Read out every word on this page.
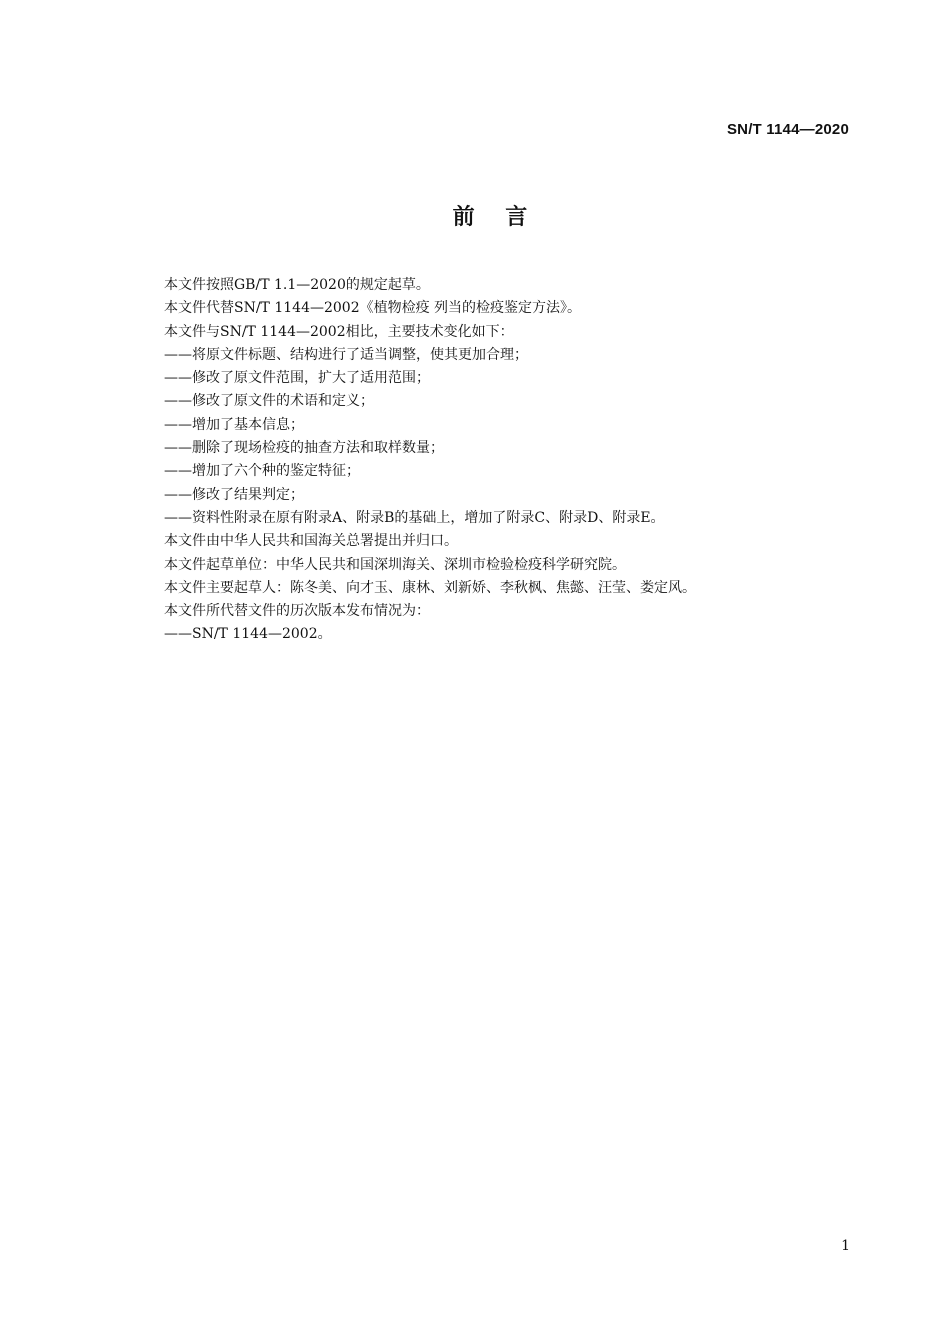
SN/T 1144—2020
前    言
本文件按照GB/T 1.1—2020的规定起草。
本文件代替SN/T 1144—2002《植物检疫 列当的检疫鉴定方法》。
本文件与SN/T 1144—2002相比，主要技术变化如下：
——将原文件标题、结构进行了适当调整，使其更加合理；
——修改了原文件范围，扩大了适用范围；
——修改了原文件的术语和定义；
——增加了基本信息；
——删除了现场检疫的抽查方法和取样数量；
——增加了六个种的鉴定特征；
——修改了结果判定；
——资料性附录在原有附录A、附录B的基础上，增加了附录C、附录D、附录E。
本文件由中华人民共和国海关总署提出并归口。
本文件起草单位：中华人民共和国深圳海关、深圳市检验检疫科学研究院。
本文件主要起草人：陈冬美、向才玉、康林、刘新娇、李秋枫、焦懿、汪莹、娄定风。
本文件所代替文件的历次版本发布情况为：
——SN/T 1144—2002。
1
